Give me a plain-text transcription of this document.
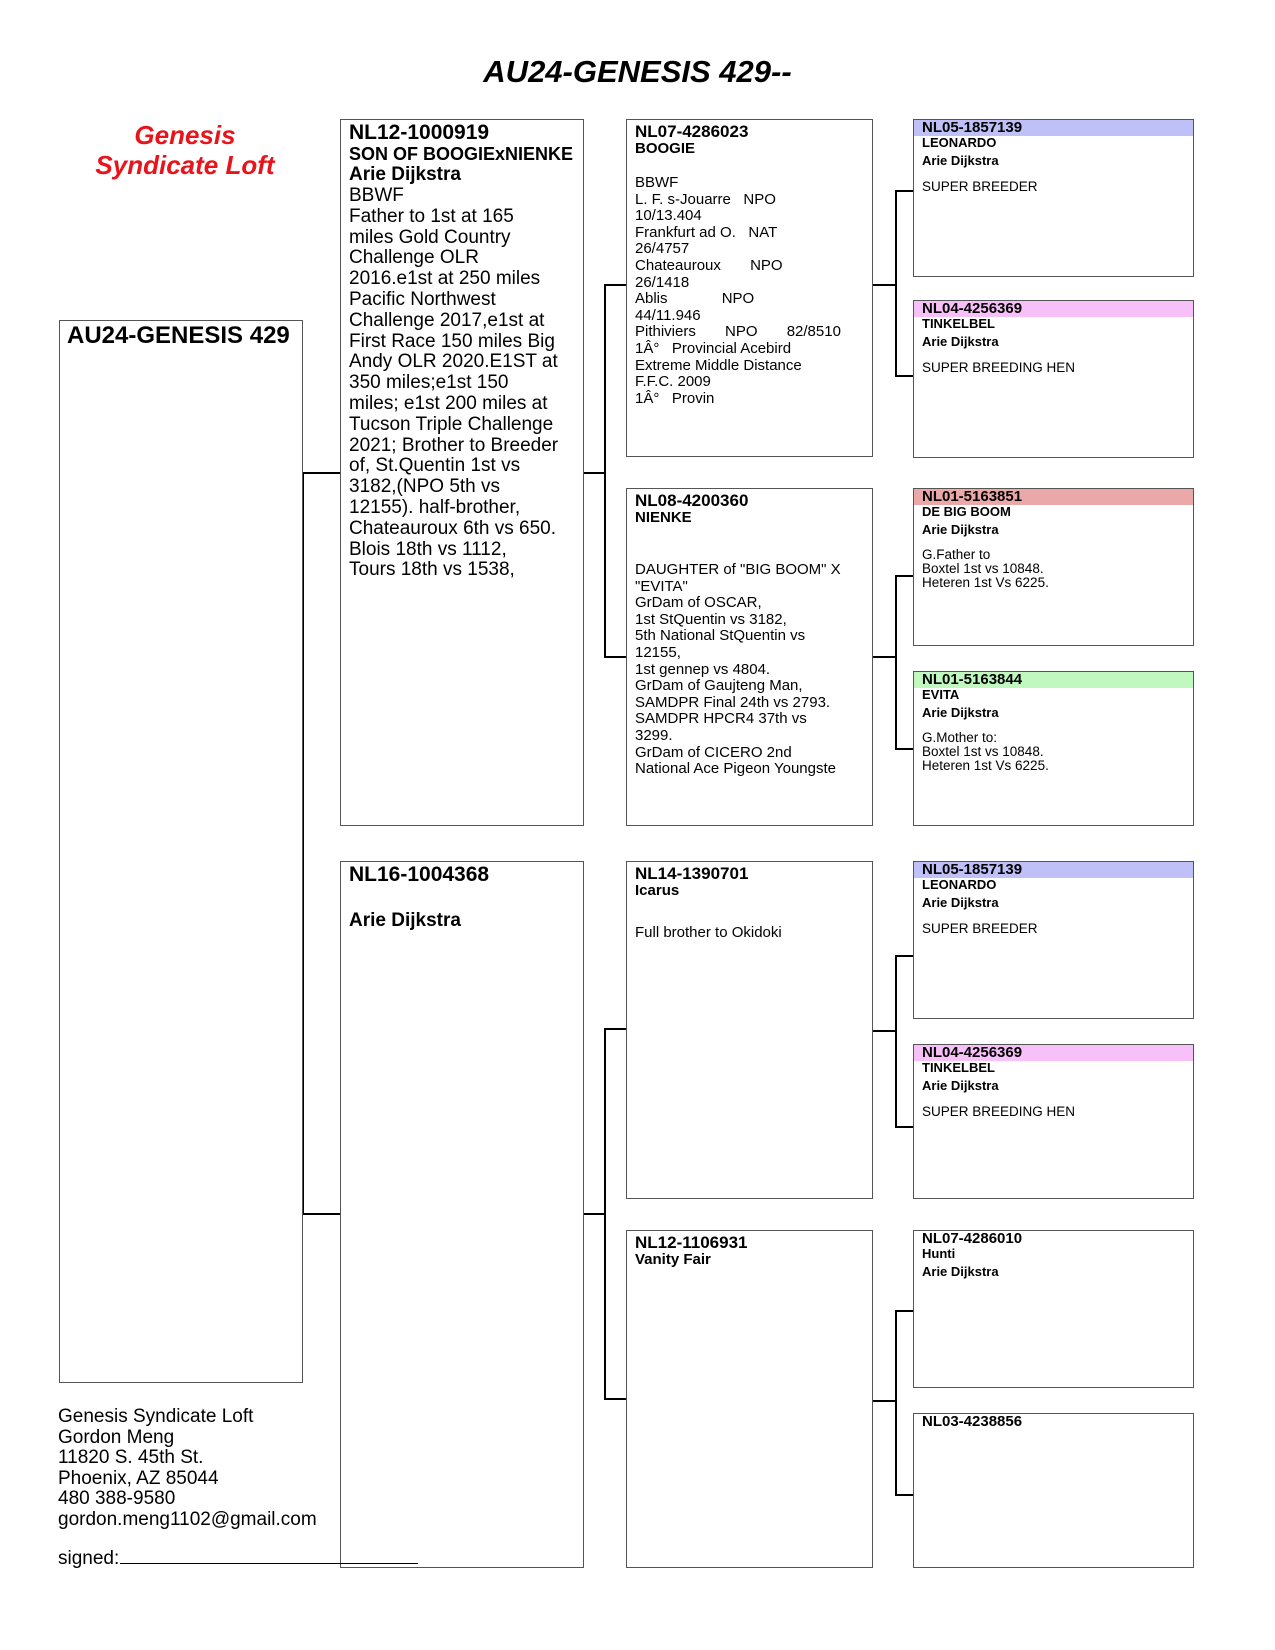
AU24-GENESIS 429--
Genesis
Syndicate Loft
AU24-GENESIS 429
NL12-1000919
SON OF BOOGIExNIENKE
Arie Dijkstra
BBWF
Father to 1st at 165
miles Gold Country
Challenge OLR
2016.e1st at 250 miles
Pacific Northwest
Challenge 2017,e1st at
First Race 150 miles Big
Andy OLR 2020.E1ST at
350 miles;e1st 150
miles; e1st 200 miles at
Tucson Triple Challenge
2021; Brother to Breeder
of, St.Quentin 1st vs
3182,(NPO 5th vs
12155). half-brother,
Chateauroux 6th vs 650.
Blois 18th vs 1112,
Tours 18th vs 1538,
NL16-1004368
Arie Dijkstra
NL07-4286023
BOOGIE
BBWF
L. F. s-Jouarre   NPO
10/13.404
Frankfurt ad O.   NAT
26/4757
Chateauroux       NPO
26/1418
Ablis             NPO
44/11.946
Pithiviers       NPO       82/8510
1Â°   Provincial Acebird
Extreme Middle Distance
F.F.C. 2009
1Â°   Provin
NL08-4200360
NIENKE
DAUGHTER of "BIG BOOM" X
"EVITA"
GrDam of OSCAR,
1st StQuentin vs 3182,
5th National StQuentin vs
12155,
1st gennep vs 4804.
GrDam of Gaujteng Man,
SAMDPR Final 24th vs 2793.
SAMDPR HPCR4 37th vs
3299.
GrDam of CICERO 2nd
National Ace Pigeon Youngste
NL14-1390701
Icarus
Full brother to Okidoki
NL12-1106931
Vanity Fair
NL05-1857139
LEONARDO
Arie Dijkstra
SUPER BREEDER
NL04-4256369
TINKELBEL
Arie Dijkstra
SUPER BREEDING HEN
NL01-5163851
DE BIG BOOM
Arie Dijkstra
G.Father to
Boxtel 1st vs 10848.
Heteren 1st Vs 6225.
NL01-5163844
EVITA
Arie Dijkstra
G.Mother to:
Boxtel 1st vs 10848.
Heteren 1st Vs 6225.
NL05-1857139
LEONARDO
Arie Dijkstra
SUPER BREEDER
NL04-4256369
TINKELBEL
Arie Dijkstra
SUPER BREEDING HEN
NL07-4286010
Hunti
Arie Dijkstra
NL03-4238856
Genesis Syndicate Loft
Gordon Meng
11820 S. 45th St.
Phoenix, AZ 85044
480 388-9580
gordon.meng1102@gmail.com
signed:
